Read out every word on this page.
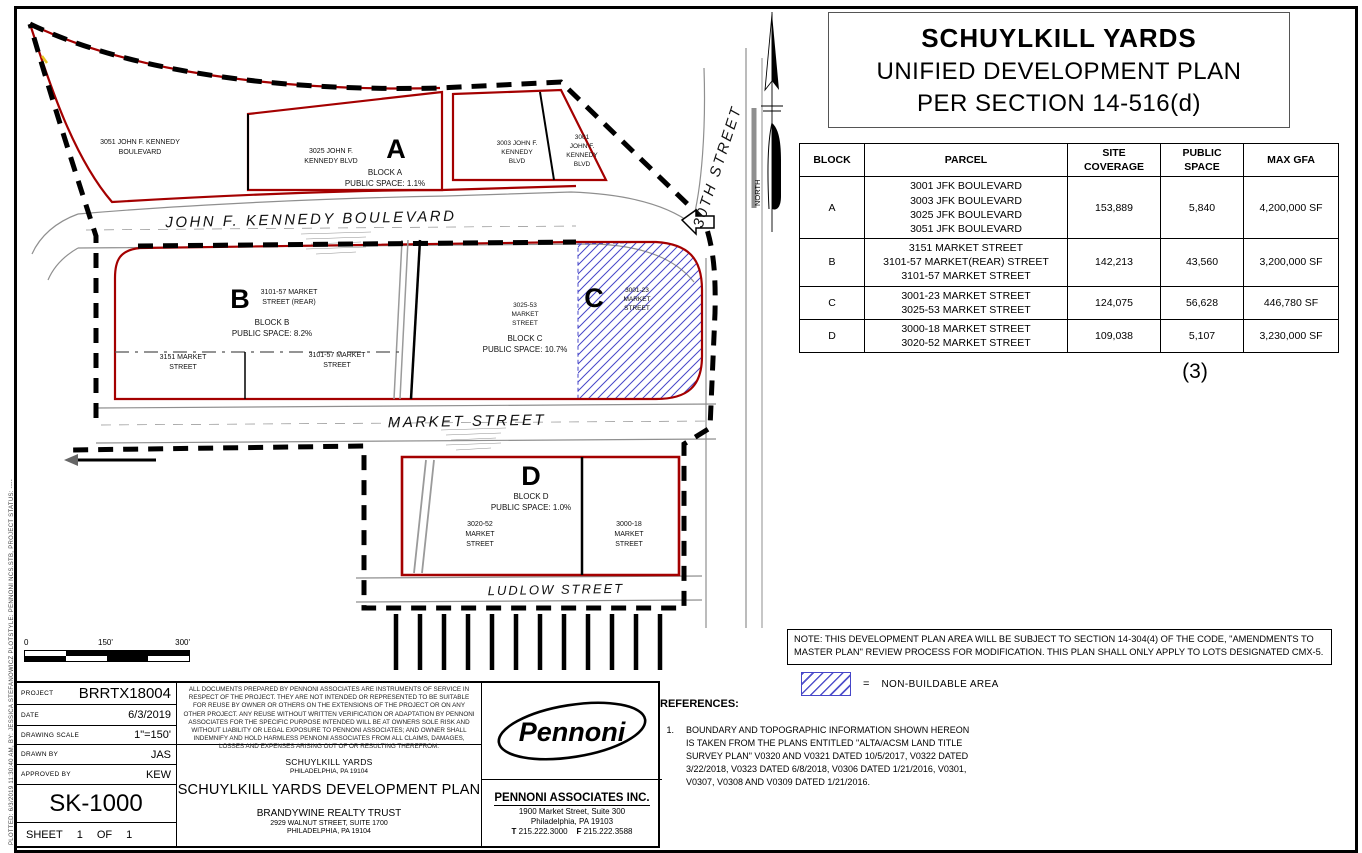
PLOTTED: 6/3/2019 11:30:40 AM, BY: JESSICA STEFANOWICZ PLOTSTYLE: PENNONI NCS.STB, PROJECT STATUS: ----
3051 JOHN F. KENNEDY
BOULEVARD	A
3025 JOHN F.
KENNEDY BLVD
BLOCK A
PUBLIC SPACE: 1.1%
3003 JOHN F.
KENNEDY
BLVD
3001
JOHN F.
KENNEDY
BLVD
JOHN F. KENNEDY BOULEVARD
B 3101-57 MARKET
STREET (REAR)
BLOCK B
PUBLIC SPACE: 8.2%
3151 MARKET
STREET
3101-57 MARKET
STREET
3025-53
MARKET
STREET
BLOCK C
PUBLIC SPACE: 10.7%
C	3001-23
MARKET
STREET
MARKET STREET
D
BLOCK D
PUBLIC SPACE: 1.0%
3020-52
MARKET
STREET
3000-18
MARKET
STREET
LUDLOW STREET
30TH STREET NORTH
SCHUYLKILL YARDS
UNIFIED DEVELOPMENT PLAN
PER SECTION 14-516(d)
BLOCK	PARCEL	SITE COVERAGE	PUBLIC SPACE	MAX GFA
A	3001 JFK BOULEVARD
3003 JFK BOULEVARD
3025 JFK BOULEVARD
3051 JFK BOULEVARD	153,889	5,840	4,200,000 SF
B	3151 MARKET STREET
3101-57 MARKET(REAR) STREET
3101-57 MARKET STREET	142,213	43,560	3,200,000 SF
C	3001-23 MARKET STREET
3025-53 MARKET STREET	124,075	56,628	446,780 SF
D	3000-18 MARKET STREET
3020-52 MARKET STREET	109,038	5,107	3,230,000 SF
(3)
NOTE: THIS DEVELOPMENT PLAN AREA WILL BE SUBJECT TO SECTION 14-304(4) OF THE CODE, "AMENDMENTS TO MASTER PLAN" REVIEW PROCESS FOR MODIFICATION. THIS PLAN SHALL ONLY APPLY TO LOTS DESIGNATED CMX-5.
= NON-BUILDABLE AREA
REFERENCES:
1. BOUNDARY AND TOPOGRAPHIC INFORMATION SHOWN HEREON IS TAKEN FROM THE PLANS ENTITLED "ALTA/ACSM LAND TITLE SURVEY PLAN" V0320 AND V0321 DATED 10/5/2017, V0322 DATED 3/22/2018, V0323 DATED 6/8/2018, V0306 DATED 1/21/2016, V0301, V0307, V0308 AND V0309 DATED 1/21/2016.
0	150'	300'
PROJECT BRRTX18004
DATE	6/3/2019
DRAWING SCALE	1"=150'
DRAWN BY	JAS
APPROVED BY	KEW
SK-1000
SHEET 1 OF 1
ALL DOCUMENTS PREPARED BY PENNONI ASSOCIATES ARE INSTRUMENTS OF SERVICE IN RESPECT OF THE PROJECT. THEY ARE NOT INTENDED OR REPRESENTED TO BE SUITABLE FOR REUSE BY OWNER OR OTHERS ON THE EXTENSIONS OF THE PROJECT OR ON ANY OTHER PROJECT. ANY REUSE WITHOUT WRITTEN VERIFICATION OR ADAPTATION BY PENNONI ASSOCIATES FOR THE SPECIFIC PURPOSE INTENDED WILL BE AT OWNERS SOLE RISK AND WITHOUT LIABILITY OR LEGAL EXPOSURE TO PENNONI ASSOCIATES; AND OWNER SHALL INDEMNIFY AND HOLD HARMLESS PENNONI ASSOCIATES FROM ALL CLAIMS, DAMAGES, LOSSES AND EXPENSES ARISING OUT OF OR RESULTING THEREFROM.
SCHUYLKILL YARDS
PHILADELPHIA, PA 19104
SCHUYLKILL YARDS DEVELOPMENT PLAN
BRANDYWINE REALTY TRUST
2929 WALNUT STREET, SUITE 1700
PHILADELPHIA, PA 19104
Pennoni
PENNONI ASSOCIATES INC.
1900 Market Street, Suite 300
Philadelphia, PA 19103
T 215.222.3000 F 215.222.3588
